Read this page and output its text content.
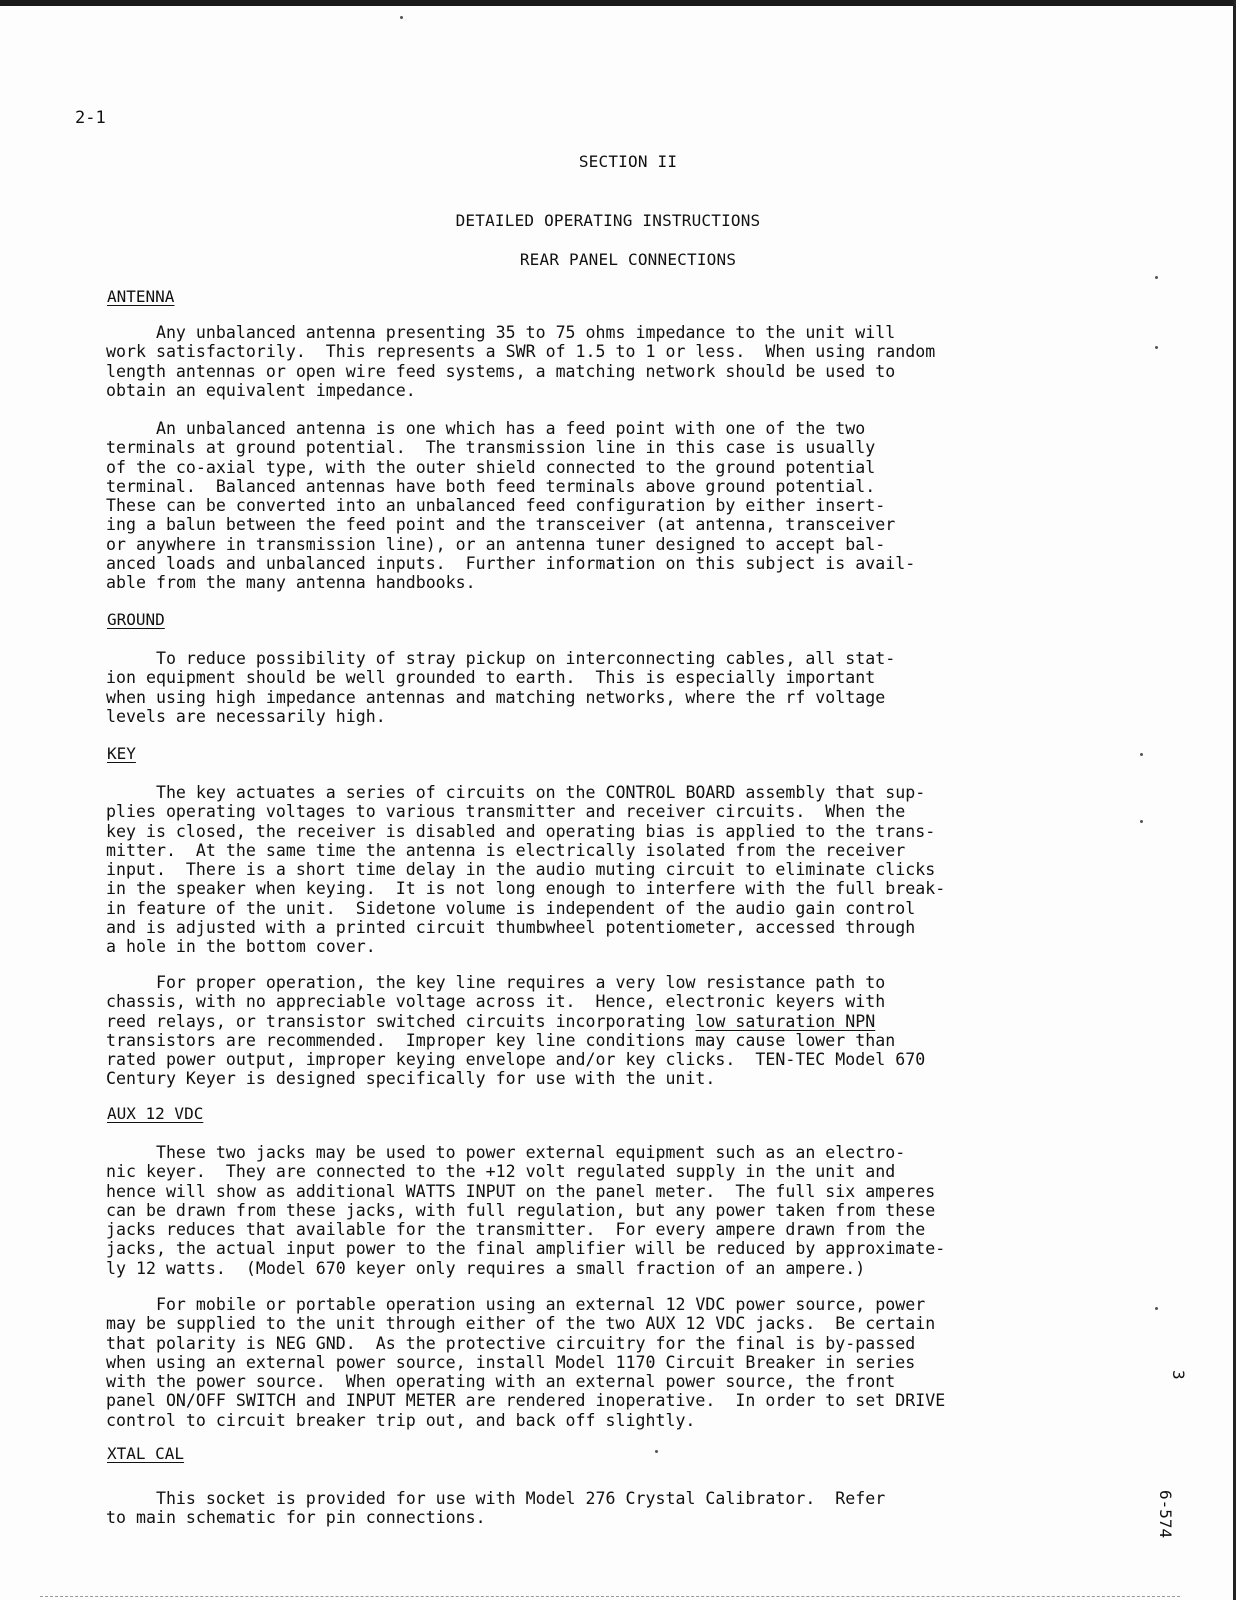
2-1
SECTION II
DETAILED OPERATING INSTRUCTIONS
REAR PANEL CONNECTIONS
ANTENNA
Any unbalanced antenna presenting 35 to 75 ohms impedance to the unit will
work satisfactorily.  This represents a SWR of 1.5 to 1 or less.  When using random
length antennas or open wire feed systems, a matching network should be used to
obtain an equivalent impedance.
An unbalanced antenna is one which has a feed point with one of the two
terminals at ground potential.  The transmission line in this case is usually
of the co-axial type, with the outer shield connected to the ground potential
terminal.  Balanced antennas have both feed terminals above ground potential.
These can be converted into an unbalanced feed configuration by either insert-
ing a balun between the feed point and the transceiver (at antenna, transceiver
or anywhere in transmission line), or an antenna tuner designed to accept bal-
anced loads and unbalanced inputs.  Further information on this subject is avail-
able from the many antenna handbooks.
GROUND
To reduce possibility of stray pickup on interconnecting cables, all stat-
ion equipment should be well grounded to earth.  This is especially important
when using high impedance antennas and matching networks, where the rf voltage
levels are necessarily high.
KEY
The key actuates a series of circuits on the CONTROL BOARD assembly that sup-
plies operating voltages to various transmitter and receiver circuits.  When the
key is closed, the receiver is disabled and operating bias is applied to the trans-
mitter.  At the same time the antenna is electrically isolated from the receiver
input.  There is a short time delay in the audio muting circuit to eliminate clicks
in the speaker when keying.  It is not long enough to interfere with the full break-
in feature of the unit.  Sidetone volume is independent of the audio gain control
and is adjusted with a printed circuit thumbwheel potentiometer, accessed through
a hole in the bottom cover.
For proper operation, the key line requires a very low resistance path to
chassis, with no appreciable voltage across it.  Hence, electronic keyers with
reed relays, or transistor switched circuits incorporating low saturation NPN
transistors are recommended.  Improper key line conditions may cause lower than
rated power output, improper keying envelope and/or key clicks.  TEN-TEC Model 670
Century Keyer is designed specifically for use with the unit.
AUX 12 VDC
These two jacks may be used to power external equipment such as an electro-
nic keyer.  They are connected to the +12 volt regulated supply in the unit and
hence will show as additional WATTS INPUT on the panel meter.  The full six amperes
can be drawn from these jacks, with full regulation, but any power taken from these
jacks reduces that available for the transmitter.  For every ampere drawn from the
jacks, the actual input power to the final amplifier will be reduced by approximate-
ly 12 watts.  (Model 670 keyer only requires a small fraction of an ampere.)
For mobile or portable operation using an external 12 VDC power source, power
may be supplied to the unit through either of the two AUX 12 VDC jacks.  Be certain
that polarity is NEG GND.  As the protective circuitry for the final is by-passed
when using an external power source, install Model 1170 Circuit Breaker in series
with the power source.  When operating with an external power source, the front
panel ON/OFF SWITCH and INPUT METER are rendered inoperative.  In order to set DRIVE
control to circuit breaker trip out, and back off slightly.
XTAL CAL
This socket is provided for use with Model 276 Crystal Calibrator.  Refer
to main schematic for pin connections.
3
6-574
